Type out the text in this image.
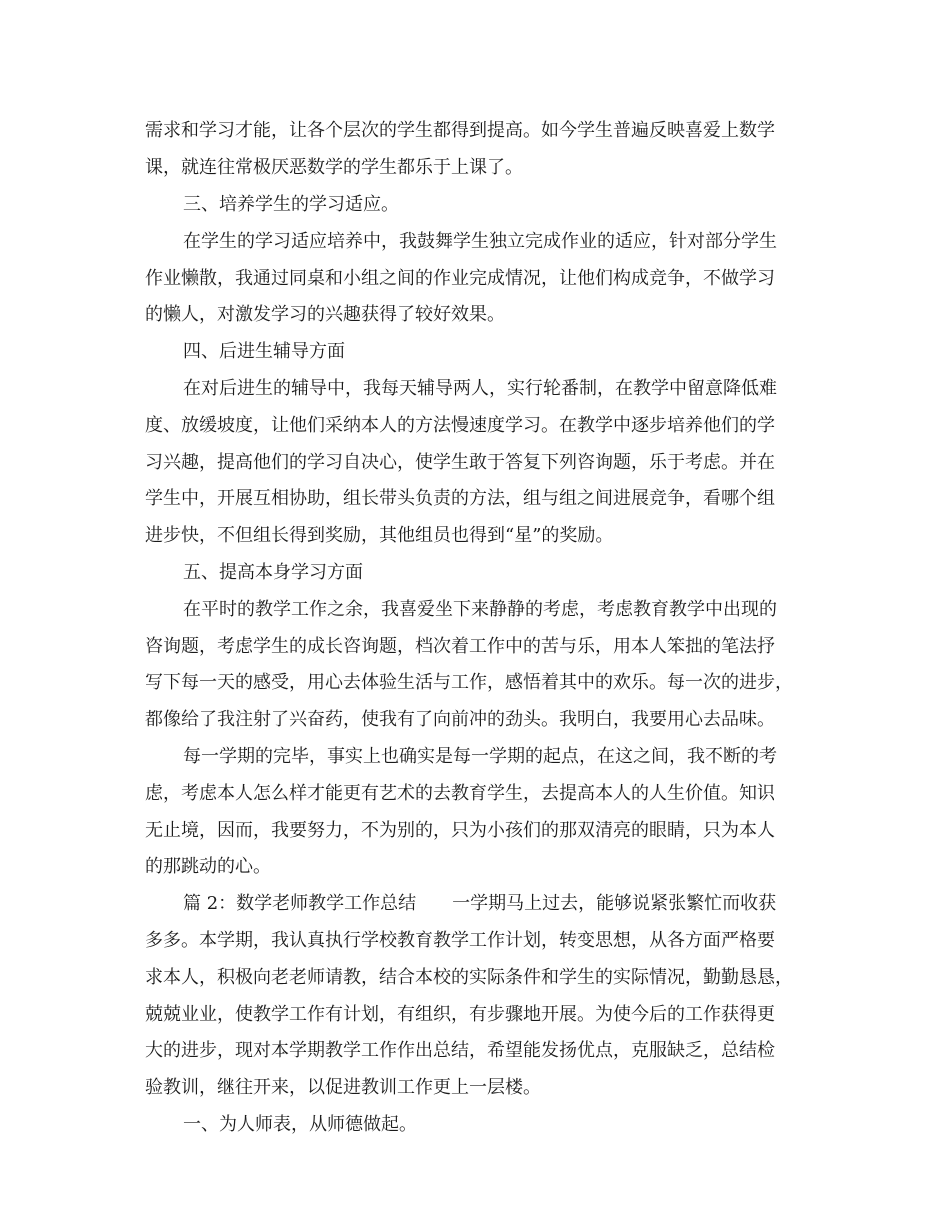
需求和学习才能，让各个层次的学生都得到提高。如今学生普遍反映喜爱上数学

课，就连往常极厌恶数学的学生都乐于上课了。

三、培养学生的学习适应。

在学生的学习适应培养中，我鼓舞学生独立完成作业的适应，针对部分学生

作业懒散，我通过同桌和小组之间的作业完成情况，让他们构成竞争，不做学习

的懒人，对激发学习的兴趣获得了较好效果。

四、后进生辅导方面

在对后进生的辅导中，我每天辅导两人，实行轮番制，在教学中留意降低难

度、放缓坡度，让他们采纳本人的方法慢速度学习。在教学中逐步培养他们的学

习兴趣，提高他们的学习自决心，使学生敢于答复下列咨询题，乐于考虑。并在

学生中，开展互相协助，组长带头负责的方法，组与组之间进展竞争，看哪个组

进步快，不但组长得到奖励，其他组员也得到“星”的奖励。

五、提高本身学习方面

在平时的教学工作之余，我喜爱坐下来静静的考虑，考虑教育教学中出现的

咨询题，考虑学生的成长咨询题，档次着工作中的苦与乐，用本人笨拙的笔法抒

写下每一天的感受，用心去体验生活与工作，感悟着其中的欢乐。每一次的进步，

都像给了我注射了兴奋药，使我有了向前冲的劲头。我明白，我要用心去品味。

每一学期的完毕，事实上也确实是每一学期的起点，在这之间，我不断的考

虑，考虑本人怎么样才能更有艺术的去教育学生，去提高本人的人生价值。知识

无止境，因而，我要努力，不为别的，只为小孩们的那双清亮的眼睛，只为本人

的那跳动的心。

篇 2：数学老师教学工作总结　　一学期马上过去，能够说紧张繁忙而收获

多多。本学期，我认真执行学校教育教学工作计划，转变思想，从各方面严格要

求本人，积极向老老师请教，结合本校的实际条件和学生的实际情况，勤勤恳恳，

兢兢业业，使教学工作有计划，有组织，有步骤地开展。为使今后的工作获得更

大的进步，现对本学期教学工作作出总结，希望能发扬优点，克服缺乏，总结检

验教训，继往开来，以促进教训工作更上一层楼。

一、为人师表，从师德做起。
